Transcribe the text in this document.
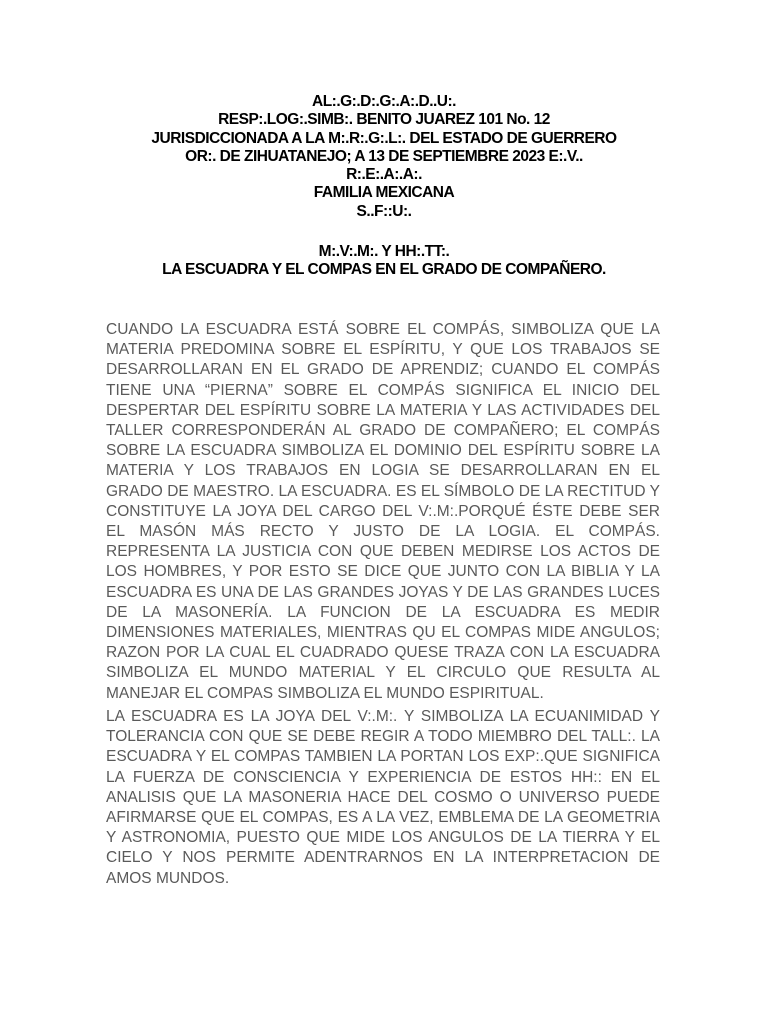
AL:.G:.D:.G:.A:.D..U:.
RESP:.LOG:.SIMB:. BENITO JUAREZ 101 No. 12
JURISDICCIONADA A LA M:.R:.G:.L:. DEL ESTADO DE GUERRERO
OR:. DE ZIHUATANEJO; A 13 DE SEPTIEMBRE 2023 E:.V..
R:.E:.A:.A:.
FAMILIA MEXICANA
S..F::U:.
M:.V:.M:. Y HH:.TT:.
LA ESCUADRA Y EL COMPAS EN EL GRADO DE COMPAÑERO.

CUANDO LA ESCUADRA ESTÁ SOBRE EL COMPÁS, SIMBOLIZA QUE LA MATERIA PREDOMINA SOBRE EL ESPÍRITU, Y QUE LOS TRABAJOS SE DESARROLLARAN EN EL GRADO DE APRENDIZ; CUANDO EL COMPÁS TIENE UNA “PIERNA” SOBRE EL COMPÁS SIGNIFICA EL INICIO DEL DESPERTAR DEL ESPÍRITU SOBRE LA MATERIA Y LAS ACTIVIDADES DEL TALLER CORRESPONDERÁN AL GRADO DE COMPAÑERO; EL COMPÁS SOBRE LA ESCUADRA SIMBOLIZA EL DOMINIO DEL ESPÍRITU SOBRE LA MATERIA Y LOS TRABAJOS EN LOGIA SE DESARROLLARAN EN EL GRADO DE MAESTRO. LA ESCUADRA. ES EL SÍMBOLO DE LA RECTITUD Y CONSTITUYE LA JOYA DEL CARGO DEL V:.M:.PORQUÉ ÉSTE DEBE SER EL MASÓN MÁS RECTO Y JUSTO DE LA LOGIA. EL COMPÁS. REPRESENTA LA JUSTICIA CON QUE DEBEN MEDIRSE LOS ACTOS DE LOS HOMBRES, Y POR ESTO SE DICE QUE JUNTO CON LA BIBLIA Y LA ESCUADRA ES UNA DE LAS GRANDES JOYAS Y DE LAS GRANDES LUCES DE LA MASONERÍA. LA FUNCION DE LA ESCUADRA ES MEDIR DIMENSIONES MATERIALES, MIENTRAS QU EL COMPAS MIDE ANGULOS; RAZON POR LA CUAL EL CUADRADO QUESE TRAZA CON LA ESCUADRA SIMBOLIZA EL MUNDO MATERIAL Y EL CIRCULO QUE RESULTA AL MANEJAR EL COMPAS SIMBOLIZA EL MUNDO ESPIRITUAL.

LA ESCUADRA ES LA JOYA DEL V:.M:. Y SIMBOLIZA LA ECUANIMIDAD Y TOLERANCIA CON QUE SE DEBE REGIR A TODO MIEMBRO DEL TALL:. LA ESCUADRA Y EL COMPAS TAMBIEN LA PORTAN LOS EXP:.QUE SIGNIFICA LA FUERZA DE CONSCIENCIA Y EXPERIENCIA DE ESTOS HH:: EN EL ANALISIS QUE LA MASONERIA HACE DEL COSMO O UNIVERSO PUEDE AFIRMARSE QUE EL COMPAS, ES A LA VEZ, EMBLEMA DE LA GEOMETRIA Y ASTRONOMIA, PUESTO QUE MIDE LOS ANGULOS DE LA TIERRA Y EL CIELO Y NOS PERMITE ADENTRARNOS EN LA INTERPRETACION DE AMOS MUNDOS.
